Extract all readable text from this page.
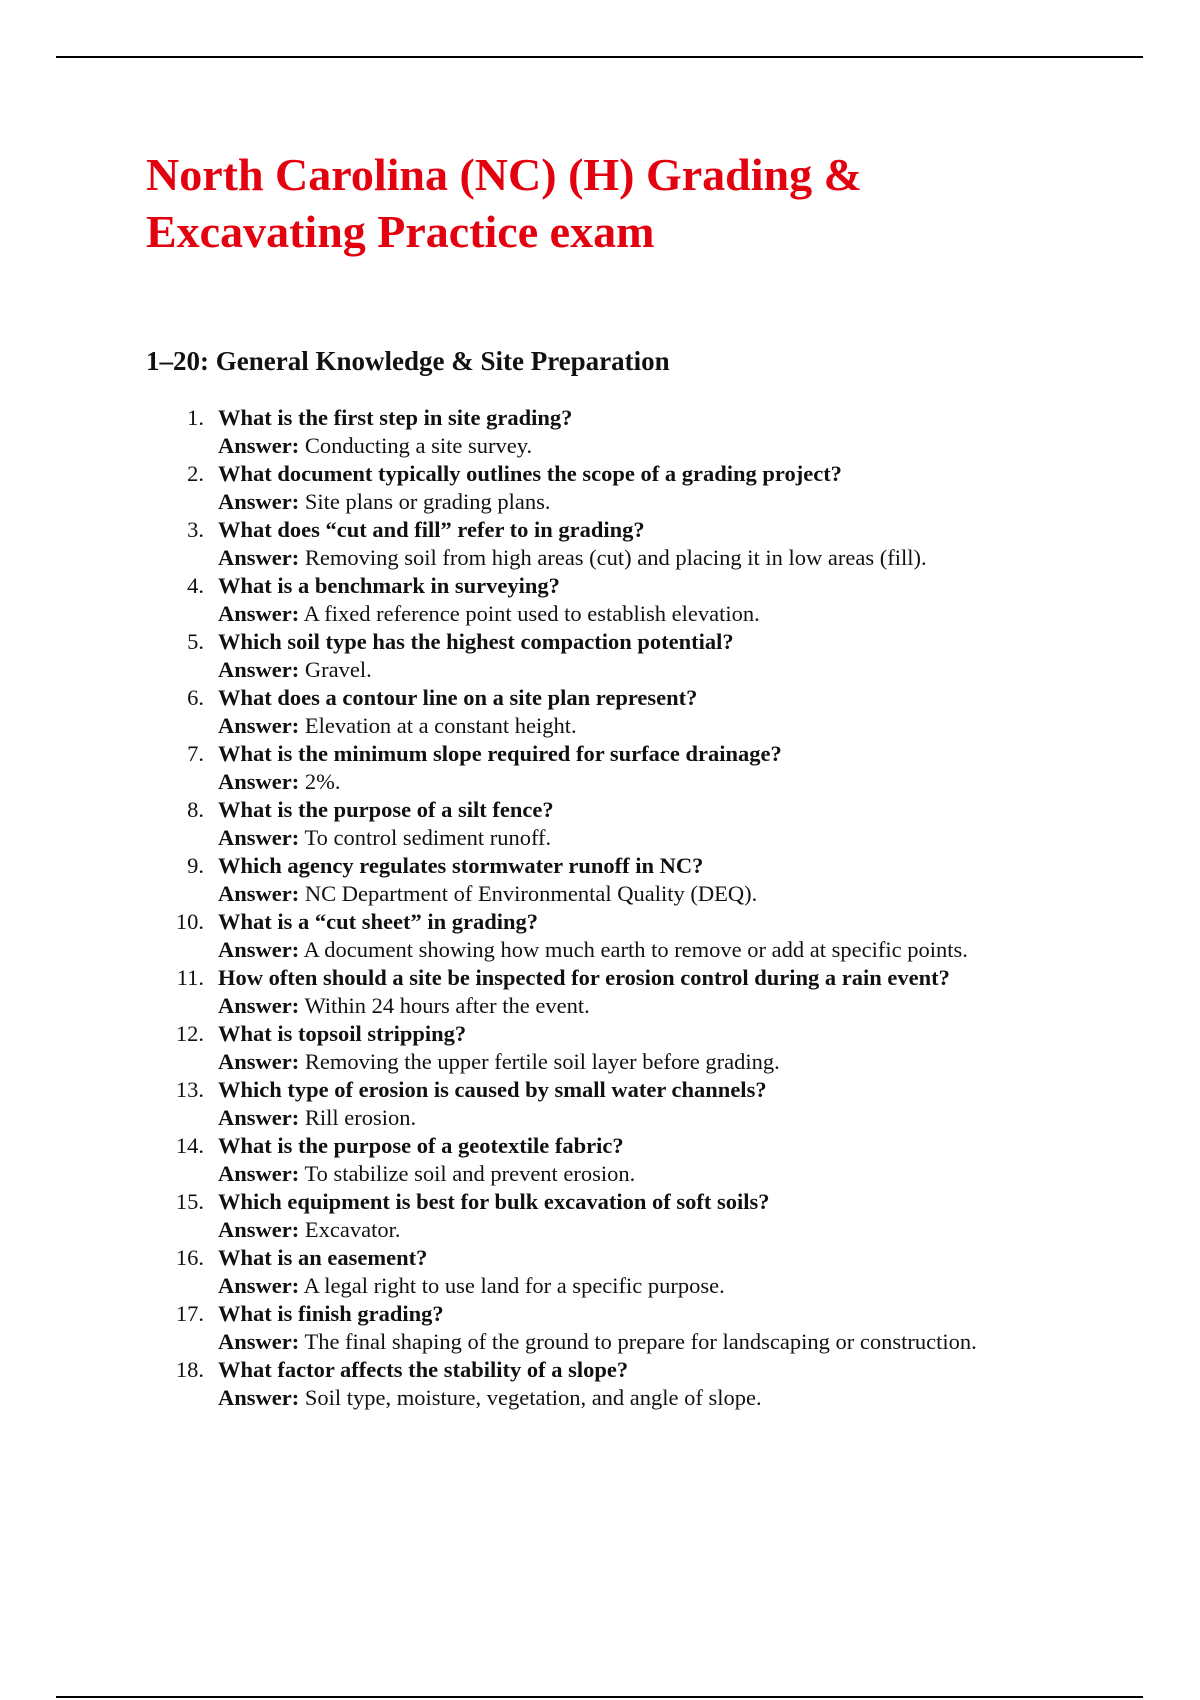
North Carolina (NC) (H) Grading &
Excavating Practice exam
1–20: General Knowledge & Site Preparation
1. What is the first step in site grading?
Answer: Conducting a site survey.
2. What document typically outlines the scope of a grading project?
Answer: Site plans or grading plans.
3. What does “cut and fill” refer to in grading?
Answer: Removing soil from high areas (cut) and placing it in low areas (fill).
4. What is a benchmark in surveying?
Answer: A fixed reference point used to establish elevation.
5. Which soil type has the highest compaction potential?
Answer: Gravel.
6. What does a contour line on a site plan represent?
Answer: Elevation at a constant height.
7. What is the minimum slope required for surface drainage?
Answer: 2%.
8. What is the purpose of a silt fence?
Answer: To control sediment runoff.
9. Which agency regulates stormwater runoff in NC?
Answer: NC Department of Environmental Quality (DEQ).
10. What is a “cut sheet” in grading?
Answer: A document showing how much earth to remove or add at specific points.
11. How often should a site be inspected for erosion control during a rain event?
Answer: Within 24 hours after the event.
12. What is topsoil stripping?
Answer: Removing the upper fertile soil layer before grading.
13. Which type of erosion is caused by small water channels?
Answer: Rill erosion.
14. What is the purpose of a geotextile fabric?
Answer: To stabilize soil and prevent erosion.
15. Which equipment is best for bulk excavation of soft soils?
Answer: Excavator.
16. What is an easement?
Answer: A legal right to use land for a specific purpose.
17. What is finish grading?
Answer: The final shaping of the ground to prepare for landscaping or construction.
18. What factor affects the stability of a slope?
Answer: Soil type, moisture, vegetation, and angle of slope.
